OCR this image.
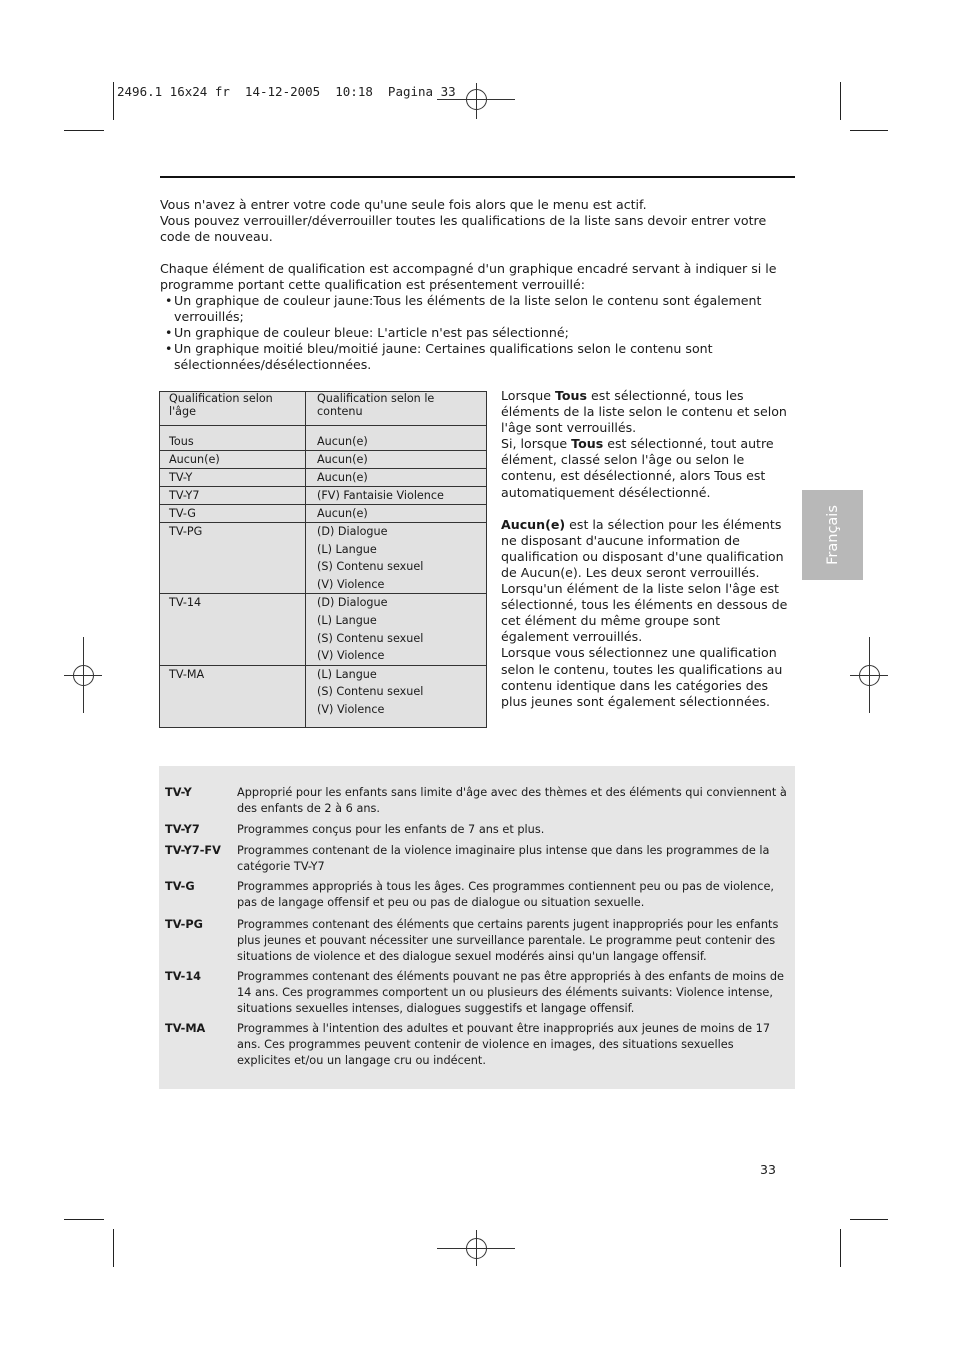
2496.1 16x24 fr  14-12-2005  10:18  Pagina 33

Vous n'avez à entrer votre code qu'une seule fois alors que le menu est actif.

Vous pouvez verrouiller/déverrouiller toutes les qualifications de la liste sans devoir entrer votre code de nouveau.

Chaque élément de qualification est accompagné d'un graphique encadré servant à indiquer si le programme portant cette qualification est présentement verrouillé:

• Un graphique de couleur jaune:Tous les éléments de la liste selon le contenu sont également verrouillés;
• Un graphique de couleur bleue: L'article n'est pas sélectionné;
• Un graphique moitié bleu/moitié jaune: Certaines qualifications selon le contenu sont sélectionnées/désélectionnées.
Qualification selon l'âge	Qualification selon le contenu
Tous	Aucun(e)
Aucun(e)	Aucun(e)
TV-Y	Aucun(e)
TV-Y7	(FV) Fantaisie Violence
TV-G	Aucun(e)
TV-PG	(D) Dialogue
(L) Langue
(S) Contenu sexuel
(V) Violence

TV-14	(D) Dialogue
(L) Langue
(S) Contenu sexuel
(V) Violence

TV-MA	(L) Langue
(S) Contenu sexuel
(V) Violence

Lorsque Tous est sélectionné, tous les éléments de la liste selon le contenu et selon l'âge sont verrouillés.

Si, lorsque Tous est sélectionné, tout autre élément, classé selon l'âge ou selon le contenu, est désélectionné, alors Tous est automatiquement désélectionné.

Aucun(e) est la sélection pour les éléments ne disposant d'aucune information de qualification ou disposant d'une qualification de Aucun(e). Les deux seront verrouillés.

Lorsqu'un élément de la liste selon l'âge est sélectionné, tous les éléments en dessous de cet élément du même groupe sont également verrouillés.

Lorsque vous sélectionnez une qualification selon le contenu, toutes les qualifications au contenu identique dans les catégories des plus jeunes sont également sélectionnées.

Français
TV-Y	Approprié pour les enfants sans limite d'âge avec des thèmes et des éléments qui conviennent à des enfants de 2 à 6 ans.
TV-Y7	Programmes conçus pour les enfants de 7 ans et plus.
TV-Y7-FV Programmes contenant de la violence imaginaire plus intense que dans les programmes de la catégorie TV-Y7
TV-G	Programmes appropriés à tous les âges. Ces programmes contiennent peu ou pas de violence, pas de langage offensif et peu ou pas de dialogue ou situation sexuelle.
TV-PG	Programmes contenant des éléments que certains parents jugent inappropriés pour les enfants plus jeunes et pouvant nécessiter une surveillance parentale. Le programme peut contenir des situations de violence et des dialogue sexuel modérés ainsi qu'un langage offensif.
TV-14	Programmes contenant des éléments pouvant ne pas être appropriés à des enfants de moins de 14 ans. Ces programmes comportent un ou plusieurs des éléments suivants: Violence intense, situations sexuelles intenses, dialogues suggestifs et langage offensif.
TV-MA	Programmes à l'intention des adultes et pouvant être inappropriés aux jeunes de moins de 17 ans. Ces programmes peuvent contenir de violence en images, des situations sexuelles explicites et/ou un langage cru ou indécent.
33
